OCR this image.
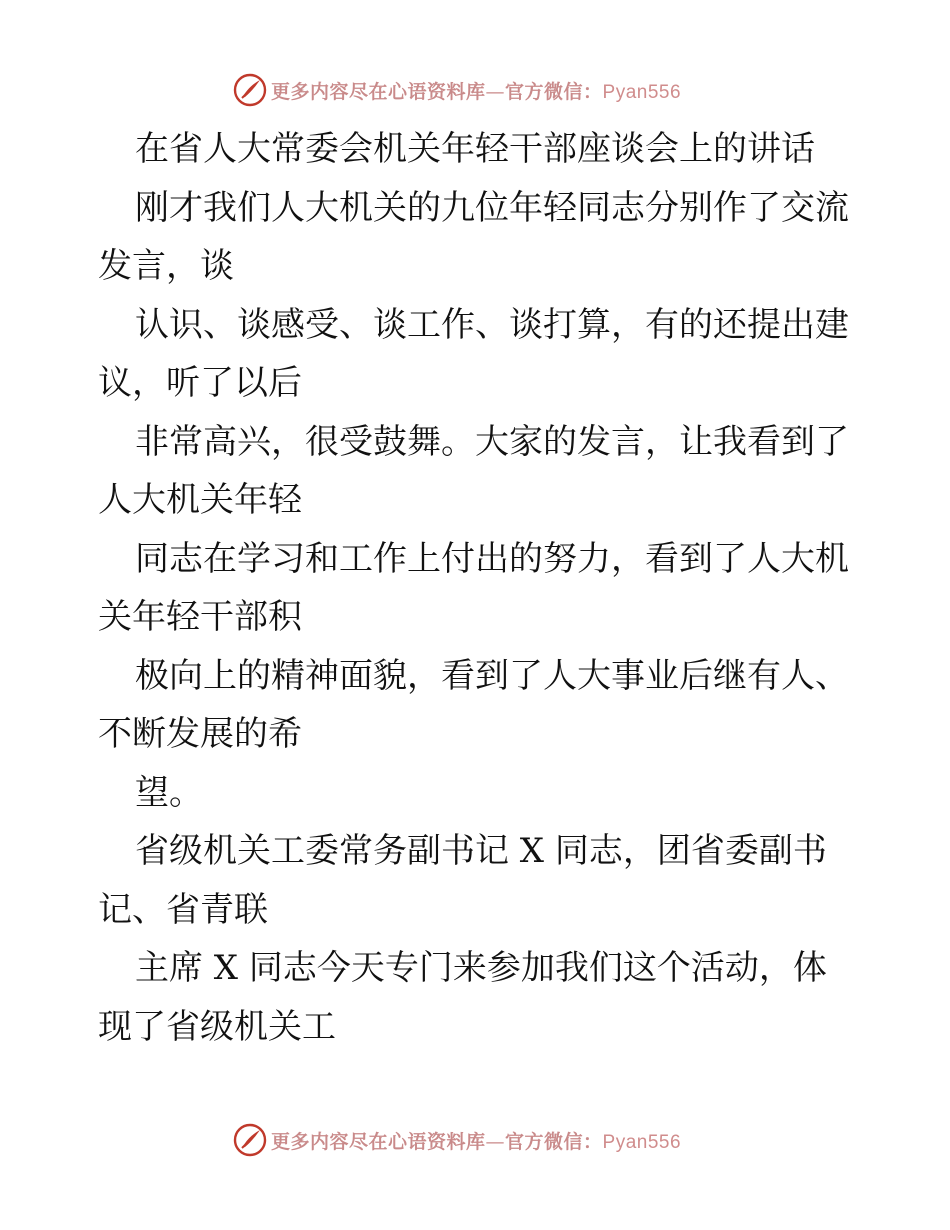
更多内容尽在心语资料库—官方微信：Pyan556
在省人大常委会机关年轻干部座谈会上的讲话
刚才我们人大机关的九位年轻同志分别作了交流
发言，谈
认识、谈感受、谈工作、谈打算，有的还提出建
议，听了以后
非常高兴，很受鼓舞。大家的发言，让我看到了
人大机关年轻
同志在学习和工作上付出的努力，看到了人大机
关年轻干部积
极向上的精神面貌，看到了人大事业后继有人、
不断发展的希
望。
省级机关工委常务副书记 X 同志，团省委副书
记、省青联
主席 X 同志今天专门来参加我们这个活动，体
现了省级机关工
更多内容尽在心语资料库—官方微信：Pyan556
